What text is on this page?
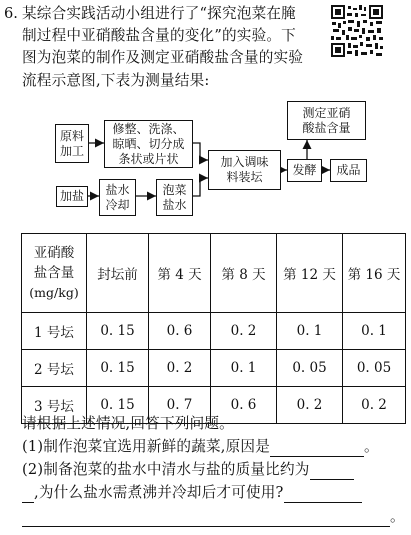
6. 某综合实践活动小组进行了“探究泡菜在腌
制过程中亚硝酸盐含量的变化”的实验。下
图为泡菜的制作及测定亚硝酸盐含量的实验
流程示意图,下表为测量结果:
原料
加工
修整、洗涤、
晾晒、切分成
条状或片状
加盐 盐水
冷却
泡菜
盐水
加入调味
料装坛	发酵 成品
测定亚硝
酸盐含量
亚硝酸
盐含量
(mg/kg)	封坛前	第 4 天	第 8 天	第 12 天	第 16 天
1 号坛	0. 15	0. 6	0. 2	0. 1	0. 1
2 号坛	0. 15	0. 2	0. 1	0. 05	0. 05
3 号坛	0. 15	0. 7	0. 6	0. 2	0. 2
请根据上述情况,回答下列问题。
(1)制作泡菜宜选用新鲜的蔬菜,原因是	。
(2)制备泡菜的盐水中清水与盐的质量比约为
,为什么盐水需煮沸并冷却后才可使用?
。
